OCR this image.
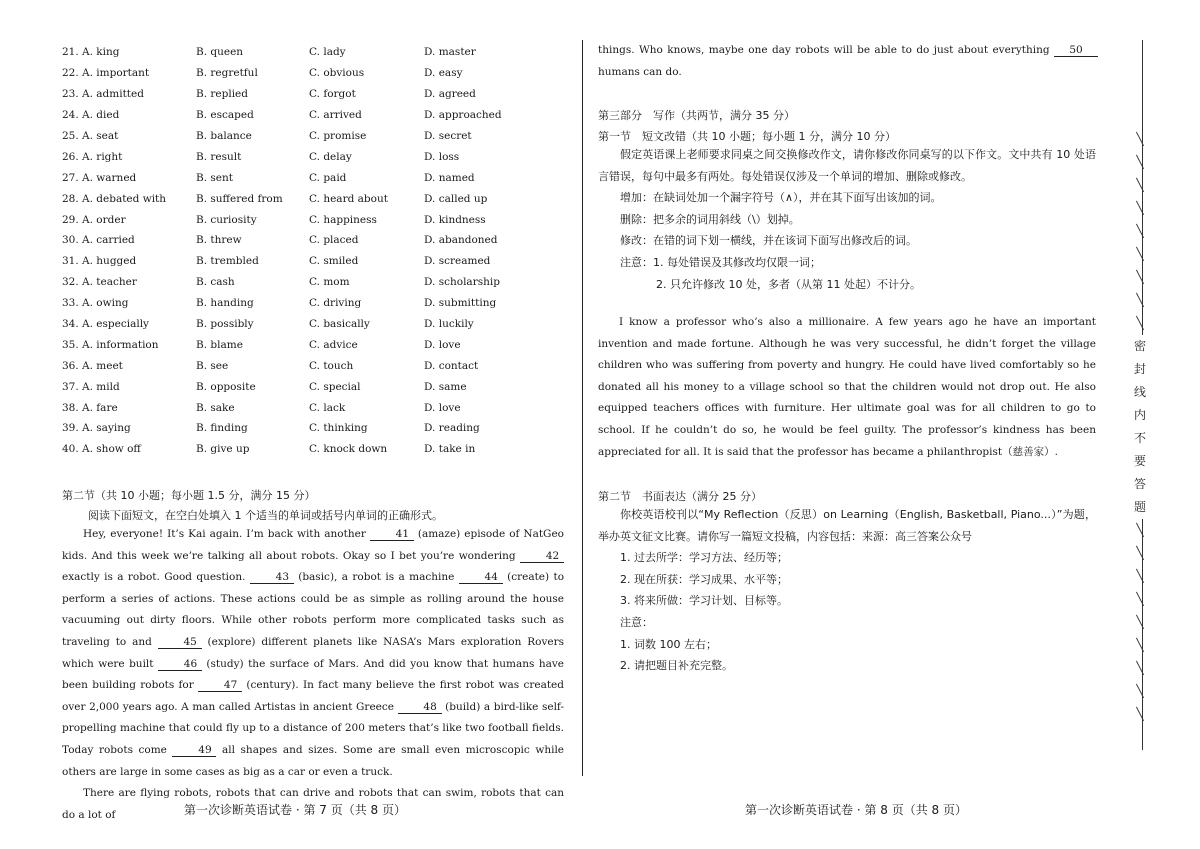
21. A. king	B. queen	C. lady	D. master
22. A. important	B. regretful	C. obvious	D. easy
23. A. admitted	B. replied	C. forgot	D. agreed
24. A. died	B. escaped	C. arrived	D. approached
25. A. seat	B. balance	C. promise	D. secret
26. A. right	B. result	C. delay	D. loss
27. A. warned	B. sent	C. paid	D. named
28. A. debated with	B. suffered from	C. heard about	D. called up
29. A. order	B. curiosity	C. happiness	D. kindness
30. A. carried	B. threw	C. placed	D. abandoned
31. A. hugged	B. trembled	C. smiled	D. screamed
32. A. teacher	B. cash	C. mom	D. scholarship
33. A. owing	B. handing	C. driving	D. submitting
34. A. especially	B. possibly	C. basically	D. luckily
35. A. information	B. blame	C. advice	D. love
36. A. meet	B. see	C. touch	D. contact
37. A. mild	B. opposite	C. special	D. same
38. A. fare	B. sake	C. lack	D. love
39. A. saying	B. finding	C. thinking	D. reading
40. A. show off	B. give up	C. knock down	D. take in
第二节（共 10 小题；每小题 1.5 分，满分 15 分）
阅读下面短文，在空白处填入 1 个适当的单词或括号内单词的正确形式。

Hey, everyone! It’s Kai again. I’m back with another	41 (amaze) episode of NatGeo kids. And this week we’re talking all about robots. Okay so I bet you’re wondering	42 exactly is a robot. Good question.	43 (basic), a robot is a machine	44 (create) to perform a series of actions. These actions could be as simple as rolling around the house vacuuming out dirty floors. While other robots perform more complicated tasks such as traveling to and	45 (explore) different planets like NASA’s Mars exploration Rovers which were built	46 (study) the surface of Mars. And did you know that humans have been building robots for	47 (century). In fact many believe the first robot was created over 2,000 years ago. A man called Artistas in ancient Greece	48 (build) a bird-like self-propelling machine that could fly up to a distance of 200 meters that’s like two football fields. Today robots come	49 all shapes and sizes. Some are small even microscopic while others are large in some cases as big as a car or even a truck.

There are flying robots, robots that can drive and robots that can swim, robots that can do a lot of	第一次诊断英语试卷 · 第 7 页（共 8 页）

things. Who knows, maybe one day robots will be able to do just about everything 50 humans can do.

第三部分　写作（共两节，满分 35 分）
第一节　短文改错（共 10 小题；每小题 1 分，满分 10 分）

假定英语课上老师要求同桌之间交换修改作文，请你修改你同桌写的以下作文。文中共有 10 处语言错误，每句中最多有两处。每处错误仅涉及一个单词的增加、删除或修改。

增加：在缺词处加一个漏字符号（∧），并在其下面写出该加的词。

删除：把多余的词用斜线（\）划掉。

修改：在错的词下划一横线，并在该词下面写出修改后的词。

注意：1. 每处错误及其修改均仅限一词；

2. 只允许修改 10 处，多者（从第 11 处起）不计分。

I know a professor who’s also a millionaire. A few years ago he have an important invention and made fortune. Although he was very successful, he didn’t forget the village children who was suffering from poverty and hungry. He could have lived comfortably so he donated all his money to a village school so that the children would not drop out. He also equipped teachers offices with furniture. Her ultimate goal was for all children to go to school. If he couldn’t do so, he would be feel guilty. The professor’s kindness has been appreciated for all. It is said that the professor has became a philanthropist（慈善家）.

第二节　书面表达（满分 25 分）

你校英语校刊以“My Reflection（反思）on Learning（English, Basketball, Piano...）”为题，举办英文征文比赛。请你写一篇短文投稿，内容包括：来源：高三答案公众号

1. 过去所学：学习方法、经历等；

2. 现在所获：学习成果、水平等；

3. 将来所做：学习计划、目标等。

注意：

1. 词数 100 左右；

2. 请把题目补充完整。

第一次诊断英语试卷 · 第 8 页（共 8 页）
╲
╲
╲
╲
╲
╲
╲
╲
╲
密
封
线
内
不
要
答
题
╲
╲
╲
╲
╲
╲
╲
╲
╲
